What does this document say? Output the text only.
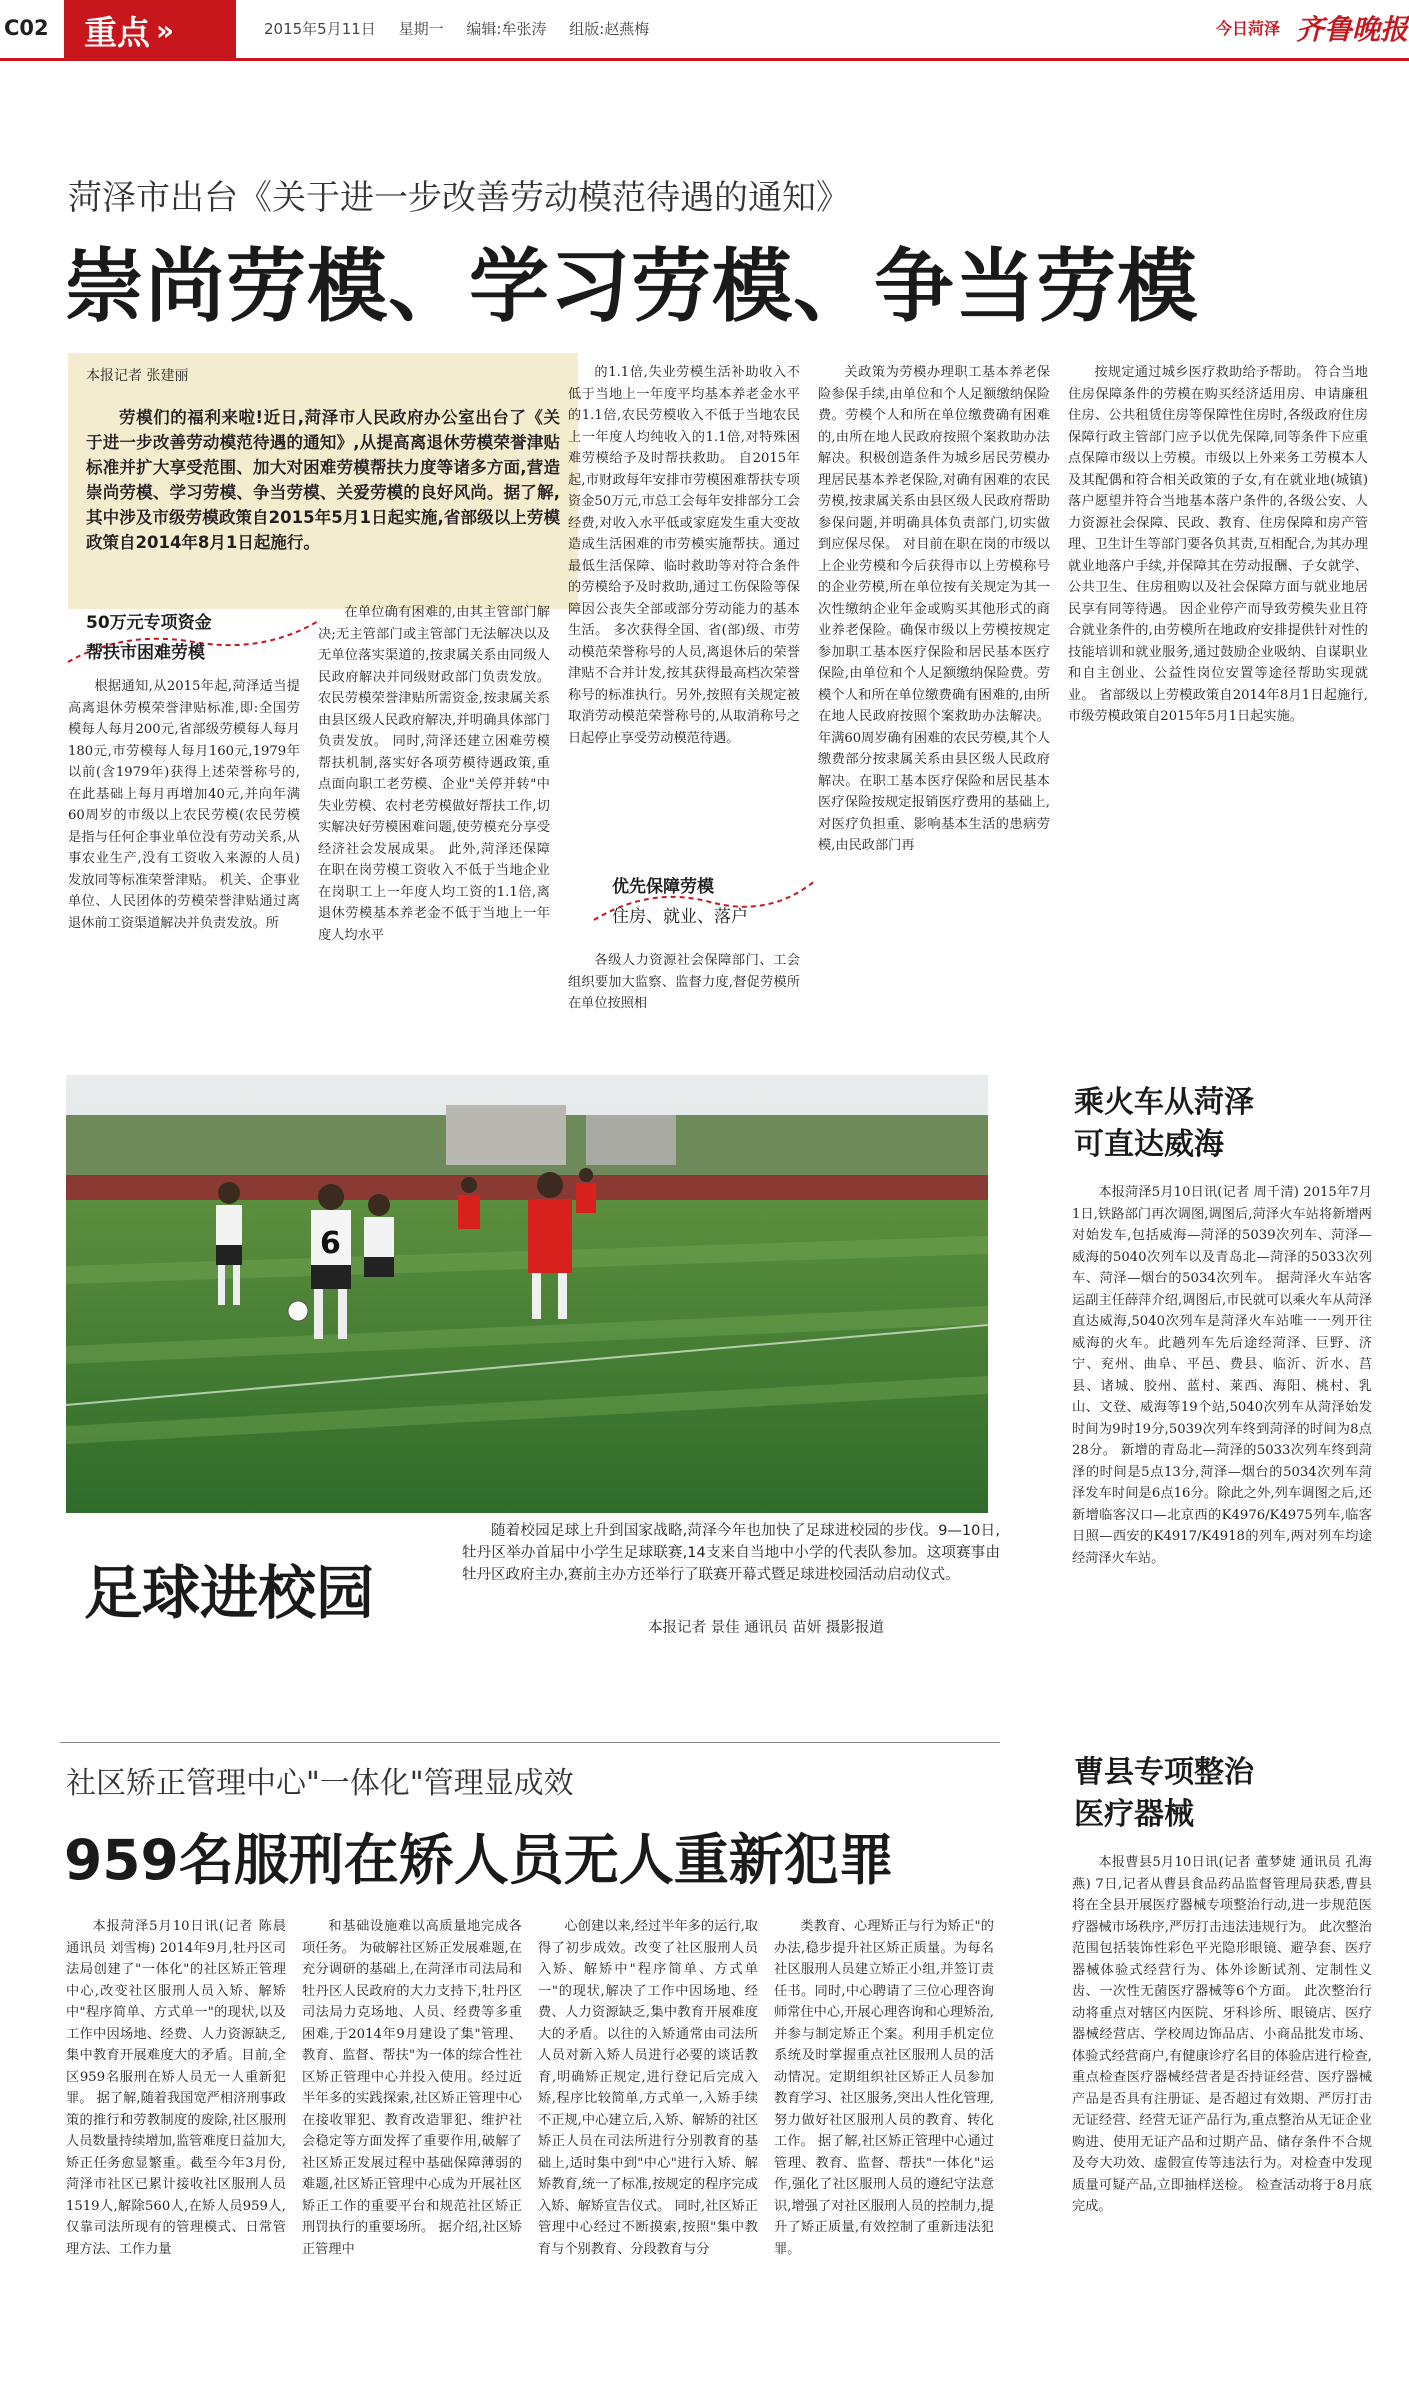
C02 重点 »	2015年5月11日 星期一 编辑:牟张涛 组版:赵燕梅	今日菏泽 齐鲁晚报
菏泽市出台《关于进一步改善劳动模范待遇的通知》
崇尚劳模、学习劳模、争当劳模
本报记者 张建丽
劳模们的福利来啦!近日,菏泽市人民政府办公室出台了《关于进一步改善劳动模范待遇的通知》,从提高离退休劳模荣誉津贴标准并扩大享受范围、加大对困难劳模帮扶力度等诸多方面,营造崇尚劳模、学习劳模、争当劳模、关爱劳模的良好风尚。据了解,其中涉及市级劳模政策自2015年5月1日起实施,省部级以上劳模政策自2014年8月1日起施行。
50万元专项资金
帮扶市困难劳模

根据通知,从2015年起,菏泽适当提高离退休劳模荣誉津贴标准,即:全国劳模每人每月200元,省部级劳模每人每月180元,市劳模每人每月160元,1979年以前(含1979年)获得上述荣誉称号的,在此基础上每月再增加40元,并向年满60周岁的市级以上农民劳模(农民劳模是指与任何企事业单位没有劳动关系,从事农业生产,没有工资收入来源的人员)发放同等标准荣誉津贴。 机关、企事业单位、人民团体的劳模荣誉津贴通过离退休前工资渠道解决并负责发放。所

在单位确有困难的,由其主管部门解决;无主管部门或主管部门无法解决以及无单位落实渠道的,按隶属关系由同级人民政府解决并同级财政部门负责发放。农民劳模荣誉津贴所需资金,按隶属关系由县区级人民政府解决,并明确具体部门负责发放。 同时,菏泽还建立困难劳模帮扶机制,落实好各项劳模待遇政策,重点面向职工老劳模、企业"关停并转"中失业劳模、农村老劳模做好帮扶工作,切实解决好劳模困难问题,使劳模充分享受经济社会发展成果。 此外,菏泽还保障在职在岗劳模工资收入不低于当地企业在岗职工上一年度人均工资的1.1倍,离退休劳模基本养老金不低于当地上一年度人均水平

的1.1倍,失业劳模生活补助收入不低于当地上一年度平均基本养老金水平的1.1倍,农民劳模收入不低于当地农民上一年度人均纯收入的1.1倍,对特殊困难劳模给予及时帮扶救助。 自2015年起,市财政每年安排市劳模困难帮扶专项资金50万元,市总工会每年安排部分工会经费,对收入水平低或家庭发生重大变故造成生活困难的市劳模实施帮扶。通过最低生活保障、临时救助等对符合条件的劳模给予及时救助,通过工伤保险等保障因公丧失全部或部分劳动能力的基本生活。 多次获得全国、省(部)级、市劳动模范荣誉称号的人员,离退休后的荣誉津贴不合并计发,按其获得最高档次荣誉称号的标准执行。另外,按照有关规定被取消劳动模范荣誉称号的,从取消称号之日起停止享受劳动模范待遇。

优先保障劳模
住房、就业、落户

各级人力资源社会保障部门、工会组织要加大监察、监督力度,督促劳模所在单位按照相

关政策为劳模办理职工基本养老保险参保手续,由单位和个人足额缴纳保险费。劳模个人和所在单位缴费确有困难的,由所在地人民政府按照个案救助办法解决。积极创造条件为城乡居民劳模办理居民基本养老保险,对确有困难的农民劳模,按隶属关系由县区级人民政府帮助参保问题,并明确具体负责部门,切实做到应保尽保。 对目前在职在岗的市级以上企业劳模和今后获得市以上劳模称号的企业劳模,所在单位按有关规定为其一次性缴纳企业年金或购买其他形式的商业养老保险。确保市级以上劳模按规定参加职工基本医疗保险和居民基本医疗保险,由单位和个人足额缴纳保险费。劳模个人和所在单位缴费确有困难的,由所在地人民政府按照个案救助办法解决。年满60周岁确有困难的农民劳模,其个人缴费部分按隶属关系由县区级人民政府解决。在职工基本医疗保险和居民基本医疗保险按规定报销医疗费用的基础上,对医疗负担重、影响基本生活的患病劳模,由民政部门再

按规定通过城乡医疗救助给予帮助。 符合当地住房保障条件的劳模在购买经济适用房、申请廉租住房、公共租赁住房等保障性住房时,各级政府住房保障行政主管部门应予以优先保障,同等条件下应重点保障市级以上劳模。市级以上外来务工劳模本人及其配偶和符合相关政策的子女,有在就业地(城镇)落户愿望并符合当地基本落户条件的,各级公安、人力资源社会保障、民政、教育、住房保障和房产管理、卫生计生等部门要各负其责,互相配合,为其办理就业地落户手续,并保障其在劳动报酬、子女就学、公共卫生、住房租购以及社会保障方面与就业地居民享有同等待遇。 因企业停产而导致劳模失业且符合就业条件的,由劳模所在地政府安排提供针对性的技能培训和就业服务,通过鼓励企业吸纳、自谋职业和自主创业、公益性岗位安置等途径帮助实现就业。 省部级以上劳模政策自2014年8月1日起施行,市级劳模政策自2015年5月1日起实施。

6
足球进校园
随着校园足球上升到国家战略,菏泽今年也加快了足球进校园的步伐。9—10日,牡丹区举办首届中小学生足球联赛,14支来自当地中小学的代表队参加。这项赛事由牡丹区政府主办,赛前主办方还举行了联赛开幕式暨足球进校园活动启动仪式。
本报记者 景佳 通讯员 苗妍 摄影报道
乘火车从菏泽
可直达威海

本报菏泽5月10日讯(记者 周千清) 2015年7月1日,铁路部门再次调图,调图后,菏泽火车站将新增两对始发车,包括威海—菏泽的5039次列车、菏泽—威海的5040次列车以及青岛北—菏泽的5033次列车、菏泽—烟台的5034次列车。 据菏泽火车站客运副主任薛萍介绍,调图后,市民就可以乘火车从菏泽直达威海,5040次列车是菏泽火车站唯一一列开往威海的火车。此趟列车先后途经菏泽、巨野、济宁、兖州、曲阜、平邑、费县、临沂、沂水、莒县、诸城、胶州、蓝村、莱西、海阳、桃村、乳山、文登、威海等19个站,5040次列车从菏泽始发时间为9时19分,5039次列车终到菏泽的时间为8点28分。 新增的青岛北—菏泽的5033次列车终到菏泽的时间是5点13分,菏泽—烟台的5034次列车菏泽发车时间是6点16分。除此之外,列车调图之后,还新增临客汉口—北京西的K4976/K4975列车,临客日照—西安的K4917/K4918的列车,两对列车均途经菏泽火车站。

社区矫正管理中心"一体化"管理显成效
959名服刑在矫人员无人重新犯罪

本报菏泽5月10日讯(记者 陈晨 通讯员 刘雪梅) 2014年9月,牡丹区司法局创建了"一体化"的社区矫正管理中心,改变社区服刑人员入矫、解矫中"程序简单、方式单一"的现状,以及工作中因场地、经费、人力资源缺乏,集中教育开展难度大的矛盾。目前,全区959名服刑在矫人员无一人重新犯罪。 据了解,随着我国宽严相济刑事政策的推行和劳教制度的废除,社区服刑人员数量持续增加,监管难度日益加大,矫正任务愈显繁重。截至今年3月份,菏泽市社区已累计接收社区服刑人员1519人,解除560人,在矫人员959人,仅靠司法所现有的管理模式、日常管理方法、工作力量

和基础设施难以高质量地完成各项任务。 为破解社区矫正发展难题,在充分调研的基础上,在菏泽市司法局和牡丹区人民政府的大力支持下,牡丹区司法局力克场地、人员、经费等多重困难,于2014年9月建设了集"管理、教育、监督、帮扶"为一体的综合性社区矫正管理中心并投入使用。经过近半年多的实践探索,社区矫正管理中心在接收罪犯、教育改造罪犯、维护社会稳定等方面发挥了重要作用,破解了社区矫正发展过程中基础保障薄弱的难题,社区矫正管理中心成为开展社区矫正工作的重要平台和规范社区矫正刑罚执行的重要场所。 据介绍,社区矫正管理中

心创建以来,经过半年多的运行,取得了初步成效。改变了社区服刑人员入矫、解矫中"程序简单、方式单一"的现状,解决了工作中因场地、经费、人力资源缺乏,集中教育开展难度大的矛盾。以往的入矫通常由司法所人员对新入矫人员进行必要的谈话教育,明确矫正规定,进行登记后完成入矫,程序比较简单,方式单一,入矫手续不正规,中心建立后,入矫、解矫的社区矫正人员在司法所进行分别教育的基础上,适时集中到"中心"进行入矫、解矫教育,统一了标准,按规定的程序完成入矫、解矫宣告仪式。 同时,社区矫正管理中心经过不断摸索,按照"集中教育与个别教育、分段教育与分

类教育、心理矫正与行为矫正"的办法,稳步提升社区矫正质量。为每名社区服刑人员建立矫正小组,并签订责任书。同时,中心聘请了三位心理咨询师常住中心,开展心理咨询和心理矫治,并参与制定矫正个案。利用手机定位系统及时掌握重点社区服刑人员的活动情况。定期组织社区矫正人员参加教育学习、社区服务,突出人性化管理,努力做好社区服刑人员的教育、转化工作。 据了解,社区矫正管理中心通过管理、教育、监督、帮扶"一体化"运作,强化了社区服刑人员的遵纪守法意识,增强了对社区服刑人员的控制力,提升了矫正质量,有效控制了重新违法犯罪。

曹县专项整治
医疗器械

本报曹县5月10日讯(记者 董梦婕 通讯员 孔海燕) 7日,记者从曹县食品药品监督管理局获悉,曹县将在全县开展医疗器械专项整治行动,进一步规范医疗器械市场秩序,严厉打击违法违规行为。 此次整治范围包括装饰性彩色平光隐形眼镜、避孕套、医疗器械体验式经营行为、体外诊断试剂、定制性义齿、一次性无菌医疗器械等6个方面。 此次整治行动将重点对辖区内医院、牙科诊所、眼镜店、医疗器械经营店、学校周边饰品店、小商品批发市场、体验式经营商户,有健康诊疗名目的体验店进行检查,重点检查医疗器械经营者是否持证经营、医疗器械产品是否具有注册证、是否超过有效期、严厉打击无证经营、经营无证产品行为,重点整治从无证企业购进、使用无证产品和过期产品、储存条件不合规及夸大功效、虚假宣传等违法行为。对检查中发现质量可疑产品,立即抽样送检。 检查活动将于8月底完成。
